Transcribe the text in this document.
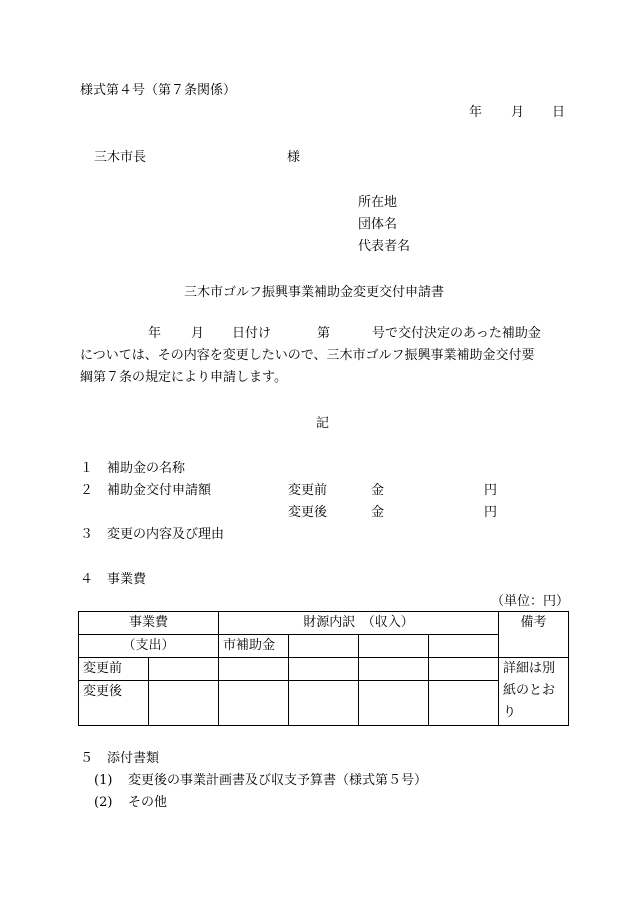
様式第４号（第７条関係）
年 月 日
三木市長	様
所在地
団体名
代表者名
三木市ゴルフ振興事業補助金変更交付申請書
年 月 日付け	第	号で交付決定のあった補助金
については、その内容を変更したいので、三木市ゴルフ振興事業補助金交付要
綱第７条の規定により申請します。
記
１ 補助金の名称
２ 補助金交付申請額	変更前	金	円
変更後	金	円
３ 変更の内容及び理由
４ 事業費
（単位：円）
事業費		財源内訳　（収入）				備考
（支出）		市補助金				
変更前						詳細は別紙のとおり

変更後						
５ 添付書類
(1) 変更後の事業計画書及び収支予算書（様式第５号）
(2) その他
